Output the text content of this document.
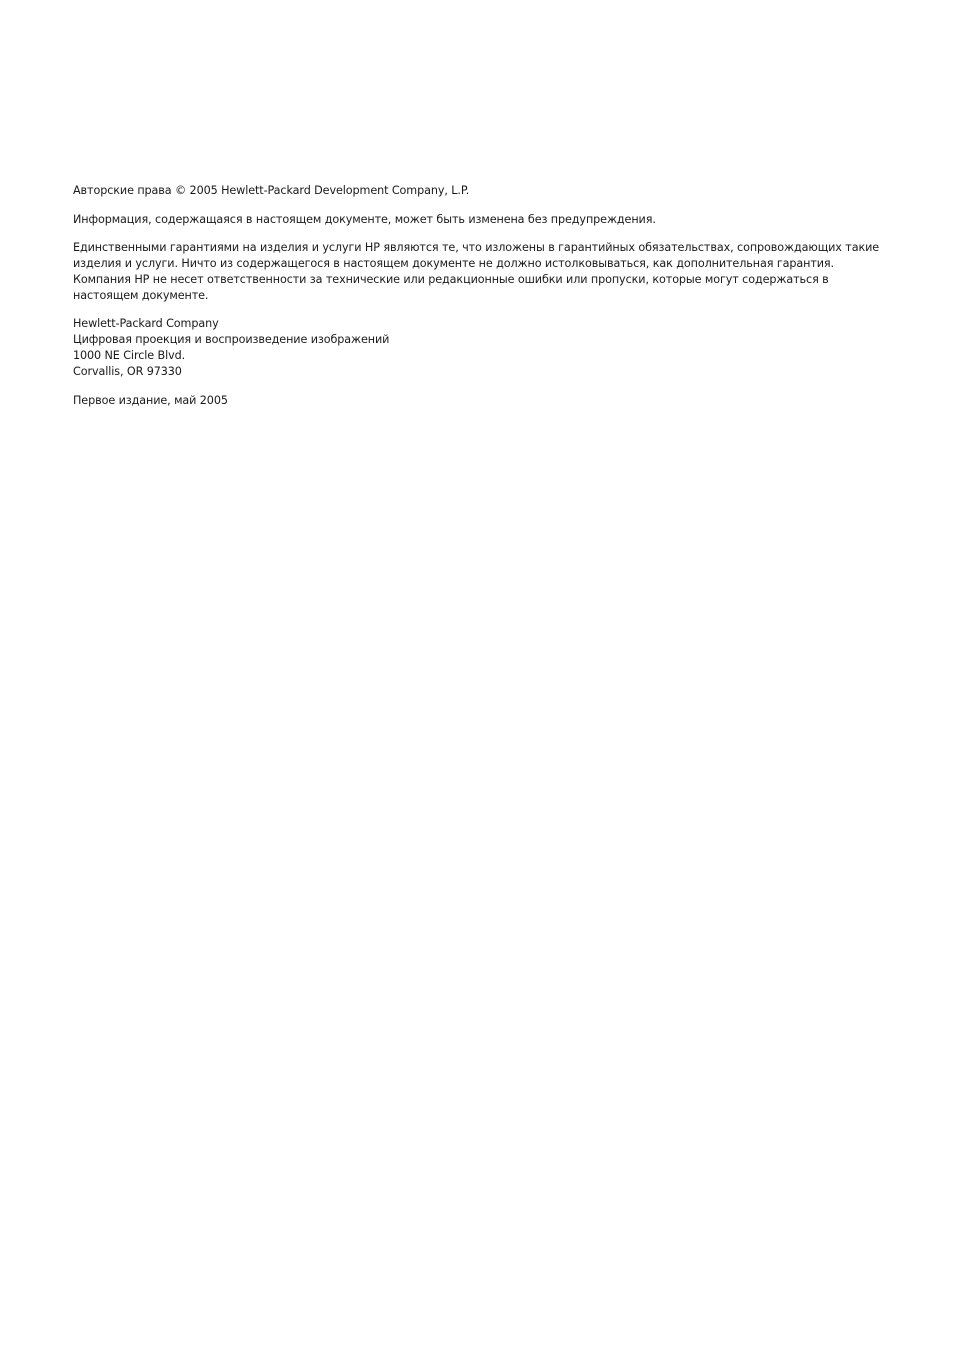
Авторские права © 2005 Hewlett-Packard Development Company, L.P.

Информация, содержащаяся в настоящем документе, может быть изменена без предупреждения.

Единственными гарантиями на изделия и услуги HP являются те, что изложены в гарантийных обязательствах, сопровождающих такие изделия и услуги. Ничто из содержащегося в настоящем документе не должно истолковываться, как дополнительная гарантия. Компания HP не несет ответственности за технические или редакционные ошибки или пропуски, которые могут содержаться в настоящем документе.

Hewlett-Packard Company
Цифровая проекция и воспроизведение изображений
1000 NE Circle Blvd.
Corvallis, OR 97330

Первое издание, май 2005
